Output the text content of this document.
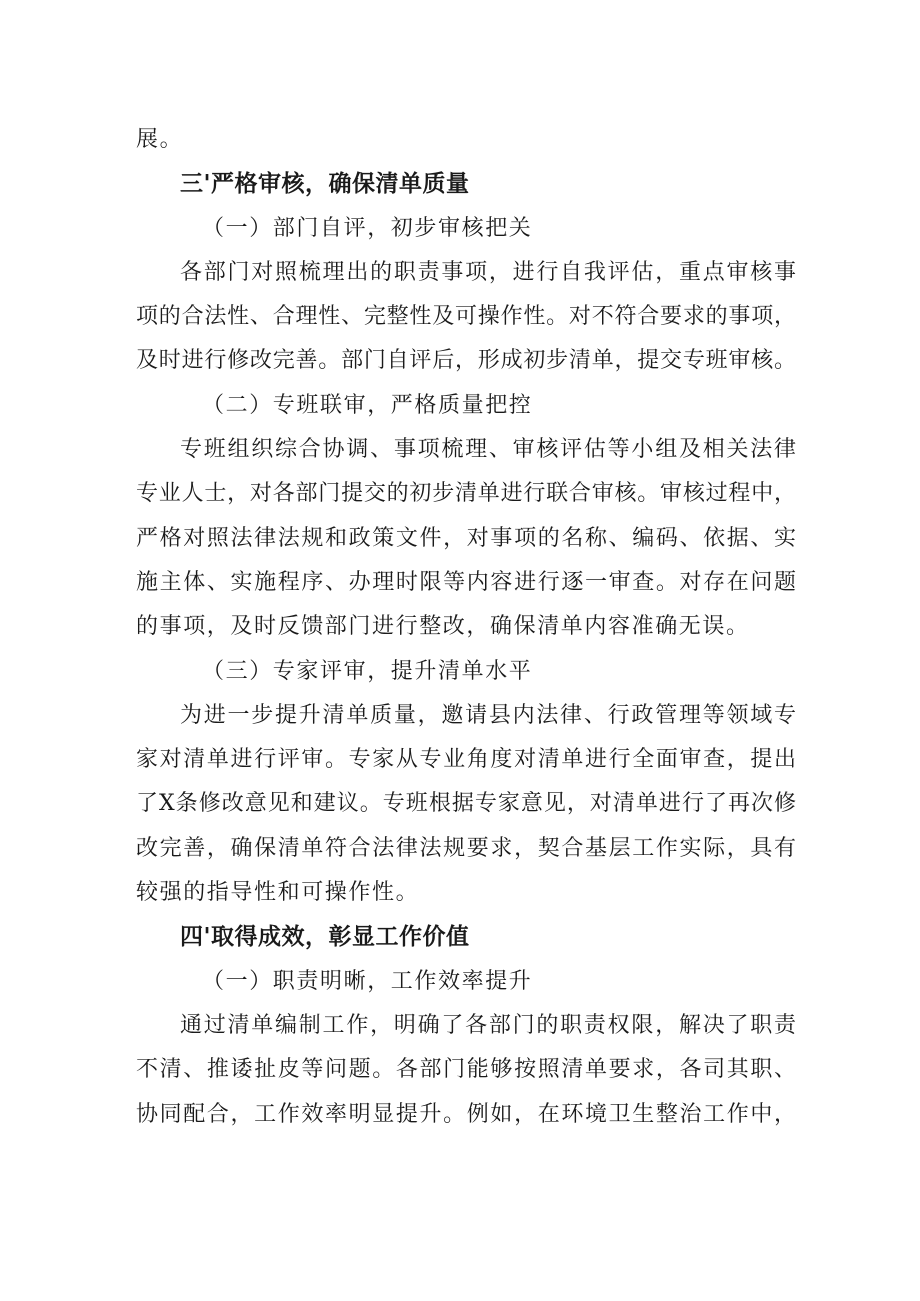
展。
三'严格审核，确保清单质量
（一）部门自评，初步审核把关
各部门对照梳理出的职责事项，进行自我评估，重点审核事
项的合法性、合理性、完整性及可操作性。对不符合要求的事项，
及时进行修改完善。部门自评后，形成初步清单，提交专班审核。
（二）专班联审，严格质量把控
专班组织综合协调、事项梳理、审核评估等小组及相关法律
专业人士，对各部门提交的初步清单进行联合审核。审核过程中，
严格对照法律法规和政策文件，对事项的名称、编码、依据、实
施主体、实施程序、办理时限等内容进行逐一审查。对存在问题
的事项，及时反馈部门进行整改，确保清单内容准确无误。
（三）专家评审，提升清单水平
为进一步提升清单质量，邀请县内法律、行政管理等领域专
家对清单进行评审。专家从专业角度对清单进行全面审查，提出
了X条修改意见和建议。专班根据专家意见，对清单进行了再次修
改完善，确保清单符合法律法规要求，契合基层工作实际，具有
较强的指导性和可操作性。
四'取得成效，彰显工作价值
（一）职责明晰，工作效率提升
通过清单编制工作，明确了各部门的职责权限，解决了职责
不清、推诿扯皮等问题。各部门能够按照清单要求，各司其职、
协同配合，工作效率明显提升。例如，在环境卫生整治工作中，
